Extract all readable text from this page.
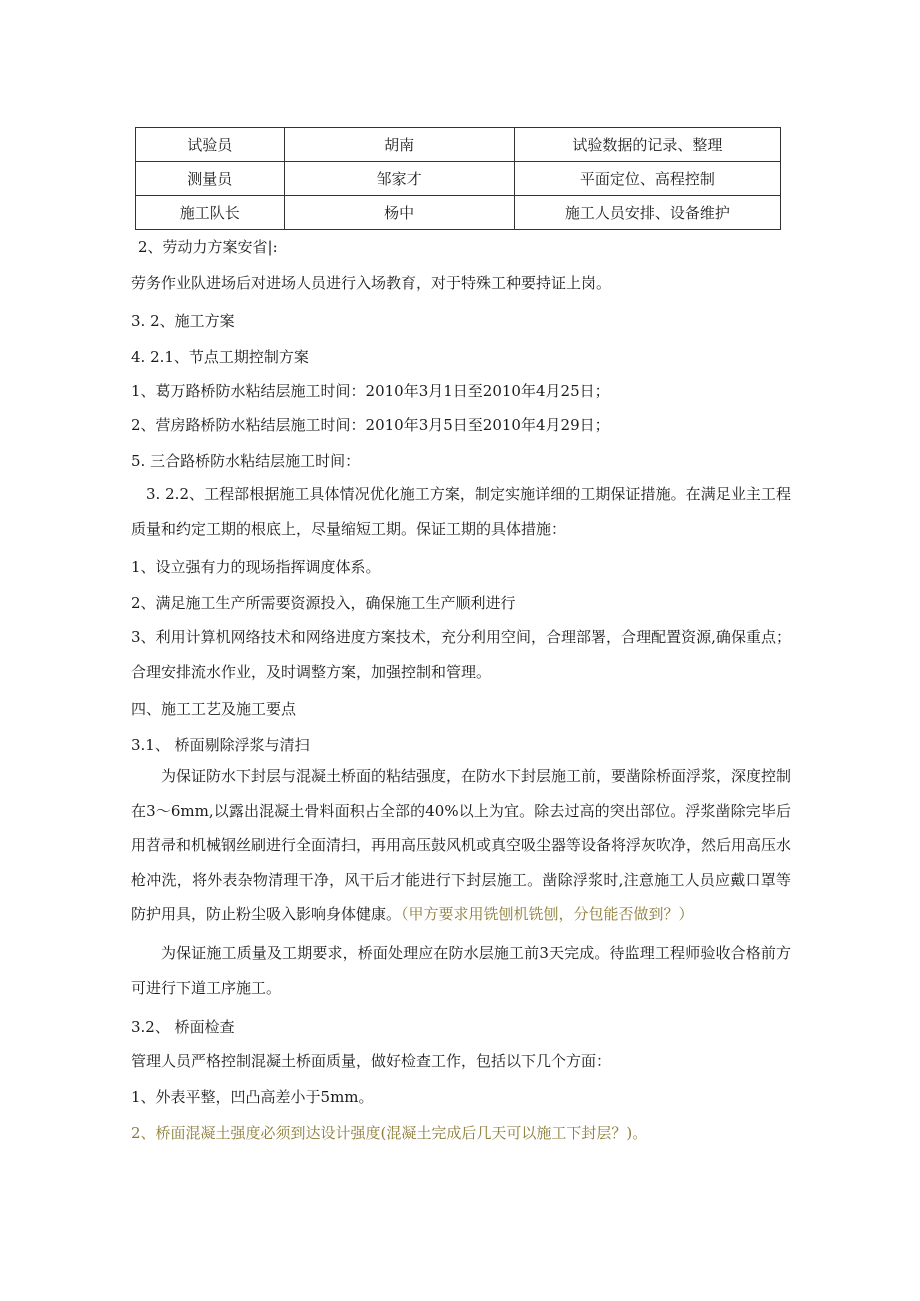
试验员	胡南	试验数据的记录、整理
测量员	邹家才	平面定位、高程控制
施工队长	杨中	施工人员安排、设备维护
2、劳动力方案安省|:
劳务作业队进场后对进场人员进行入场教育，对于特殊工种要持证上岗。
3. 2、施工方案
4. 2.1、节点工期控制方案
1、葛万路桥防水粘结层施工时间：2010年3月1日至2010年4月25日；
2、营房路桥防水粘结层施工时间：2010年3月5日至2010年4月29日；
5. 三合路桥防水粘结层施工时间：
3. 2.2、工程部根据施工具体情况优化施工方案，制定实施详细的工期保证措施。在满足业主工程质量和约定工期的根底上，尽量缩短工期。保证工期的具体措施：
1、设立强有力的现场指挥调度体系。
2、满足施工生产所需要资源投入，确保施工生产顺利进行
3、利用计算机网络技术和网络进度方案技术，充分利用空间，合理部署，合理配置资源,确保重点；合理安排流水作业，及时调整方案，加强控制和管理。
四、施工工艺及施工要点
3.1、 桥面剔除浮浆与清扫
为保证防水下封层与混凝土桥面的粘结强度，在防水下封层施工前，要凿除桥面浮浆，深度控制在3～6mm,以露出混凝土骨料面积占全部的40%以上为宜。除去过高的突出部位。浮浆凿除完毕后用苕帚和机械钢丝刷进行全面清扫，再用高压鼓风机或真空吸尘器等设备将浮灰吹净，然后用高压水枪冲洗，将外表杂物清理干净，风干后才能进行下封层施工。凿除浮浆时,注意施工人员应戴口罩等防护用具，防止粉尘吸入影响身体健康。（甲方要求用铣刨机铣刨，分包能否做到？）
为保证施工质量及工期要求，桥面处理应在防水层施工前3天完成。待监理工程师验收合格前方可进行下道工序施工。
3.2、 桥面检查
管理人员严格控制混凝土桥面质量，做好检查工作，包括以下几个方面：
1、外表平整，凹凸高差小于5mm。
2、桥面混凝土强度必须到达设计强度(混凝土完成后几天可以施工下封层？)。
